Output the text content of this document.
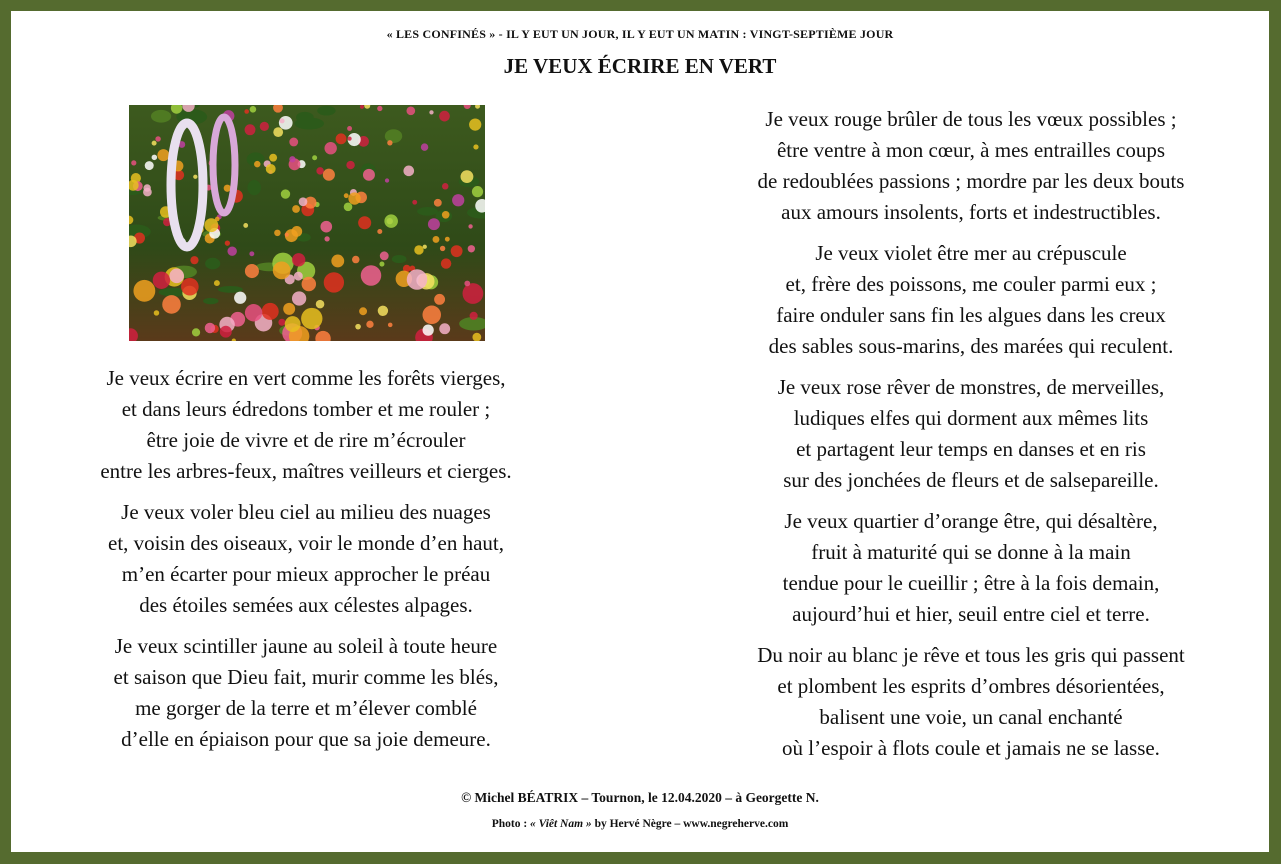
« LES CONFINÉS » - IL Y EUT UN JOUR, IL Y EUT UN MATIN : VINGT-SEPTIÈME JOUR
JE VEUX ÉCRIRE EN VERT
Je veux écrire en vert comme les forêts vierges,
et dans leurs édredons tomber et me rouler ;
être joie de vivre et de rire m’écrouler
entre les arbres-feux, maîtres veilleurs et cierges.
Je veux voler bleu ciel au milieu des nuages
et, voisin des oiseaux, voir le monde d’en haut,
m’en écarter pour mieux approcher le préau
des étoiles semées aux célestes alpages.
Je veux scintiller jaune au soleil à toute heure
et saison que Dieu fait, murir comme les blés,
me gorger de la terre et m’élever comblé
d’elle en épiaison pour que sa joie demeure.
Je veux rouge brûler de tous les vœux possibles ;
être ventre à mon cœur, à mes entrailles coups
de redoublées passions ; mordre par les deux bouts
aux amours insolents, forts et indestructibles.
Je veux violet être mer au crépuscule
et, frère des poissons, me couler parmi eux ;
faire onduler sans fin les algues dans les creux
des sables sous-marins, des marées qui reculent.
Je veux rose rêver de monstres, de merveilles,
ludiques elfes qui dorment aux mêmes lits
et partagent leur temps en danses et en ris
sur des jonchées de fleurs et de salsepareille.
Je veux quartier d’orange être, qui désaltère,
fruit à maturité qui se donne à la main
tendue pour le cueillir ; être à la fois demain,
aujourd’hui et hier, seuil entre ciel et terre.
Du noir au blanc je rêve et tous les gris qui passent
et plombent les esprits d’ombres désorientées,
balisent une voie, un canal enchanté
où l’espoir à flots coule et jamais ne se lasse.
© Michel BÉATRIX – Tournon, le 12.04.2020 – à Georgette N.
Photo : « Viêt Nam » by Hervé Nègre – www.negreherve.com
